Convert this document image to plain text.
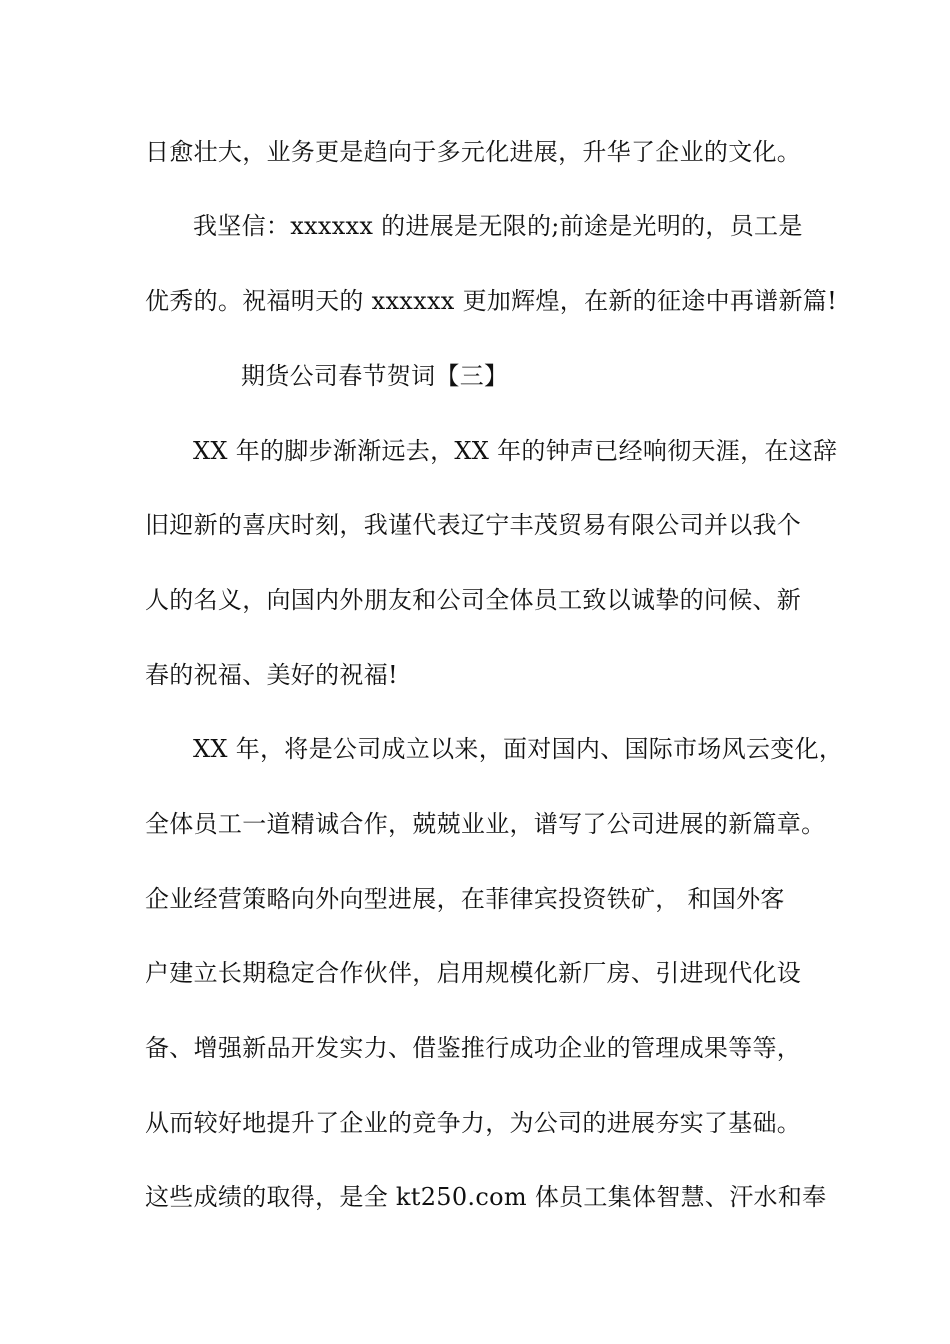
日愈壮大，业务更是趋向于多元化进展，升华了企业的文化。
我坚信：xxxxxx 的进展是无限的;前途是光明的，员工是
优秀的。祝福明天的 xxxxxx 更加辉煌，在新的征途中再谱新篇!
期货公司春节贺词【三】
XX 年的脚步渐渐远去，XX 年的钟声已经响彻天涯，在这辞
旧迎新的喜庆时刻，我谨代表辽宁丰茂贸易有限公司并以我个
人的名义，向国内外朋友和公司全体员工致以诚挚的问候、新
春的祝福、美好的祝福!
XX 年，将是公司成立以来，面对国内、国际市场风云变化，
全体员工一道精诚合作，兢兢业业，谱写了公司进展的新篇章。
企业经营策略向外向型进展，在菲律宾投资铁矿， 和国外客
户建立长期稳定合作伙伴，启用规模化新厂房、引进现代化设
备、增强新品开发实力、借鉴推行成功企业的管理成果等等，
从而较好地提升了企业的竞争力，为公司的进展夯实了基础。
这些成绩的取得，是全 kt250.com 体员工集体智慧、汗水和奉
